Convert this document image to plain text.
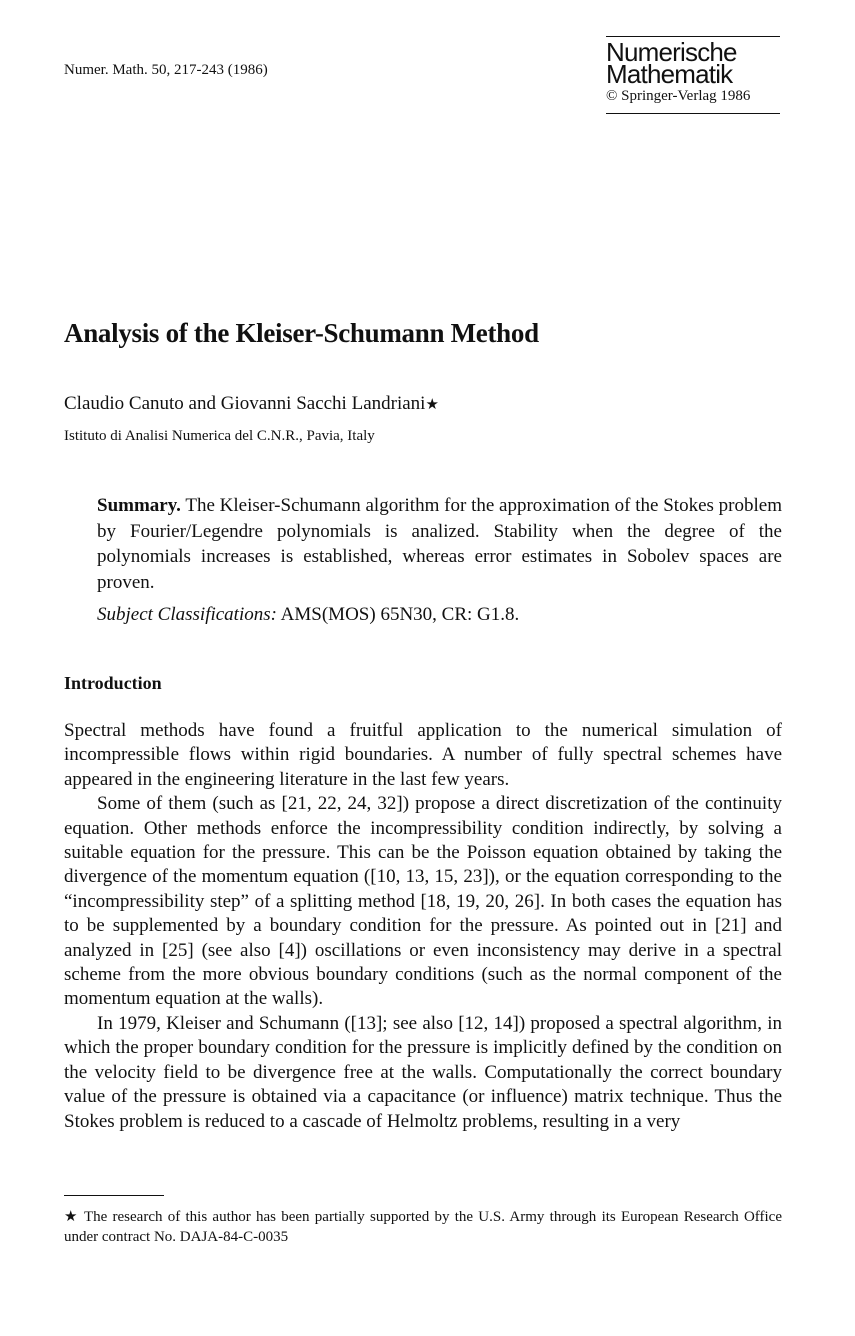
Numer. Math. 50, 217-243 (1986)
Numerische
Mathematik
© Springer-Verlag 1986
Analysis of the Kleiser-Schumann Method
Claudio Canuto and Giovanni Sacchi Landriani★
Istituto di Analisi Numerica del C.N.R., Pavia, Italy

Summary. The Kleiser-Schumann algorithm for the approximation of the Stokes problem by Fourier/Legendre polynomials is analized. Stability when the degree of the polynomials increases is established, whereas error estimates in Sobolev spaces are proven.

Subject Classifications: AMS(MOS) 65N30, CR: G1.8.
Introduction

Spectral methods have found a fruitful application to the numerical simulation of incompressible flows within rigid boundaries. A number of fully spectral schemes have appeared in the engineering literature in the last few years.

Some of them (such as [21, 22, 24, 32]) propose a direct discretization of the continuity equation. Other methods enforce the incompressibility condition indirectly, by solving a suitable equation for the pressure. This can be the Poisson equation obtained by taking the divergence of the momentum equation ([10, 13, 15, 23]), or the equation corresponding to the “incompressibility step” of a splitting method [18, 19, 20, 26]. In both cases the equation has to be supplemented by a boundary condition for the pressure. As pointed out in [21] and analyzed in [25] (see also [4]) oscillations or even inconsistency may derive in a spectral scheme from the more obvious boundary conditions (such as the normal component of the momentum equation at the walls).

In 1979, Kleiser and Schumann ([13]; see also [12, 14]) proposed a spectral algorithm, in which the proper boundary condition for the pressure is implicitly defined by the condition on the velocity field to be divergence free at the walls. Computationally the correct boundary value of the pressure is obtained via a capacitance (or influence) matrix technique. Thus the Stokes problem is reduced to a cascade of Helmoltz problems, resulting in a very

★ The research of this author has been partially supported by the U.S. Army through its European Research Office under contract No. DAJA-84-C-0035
